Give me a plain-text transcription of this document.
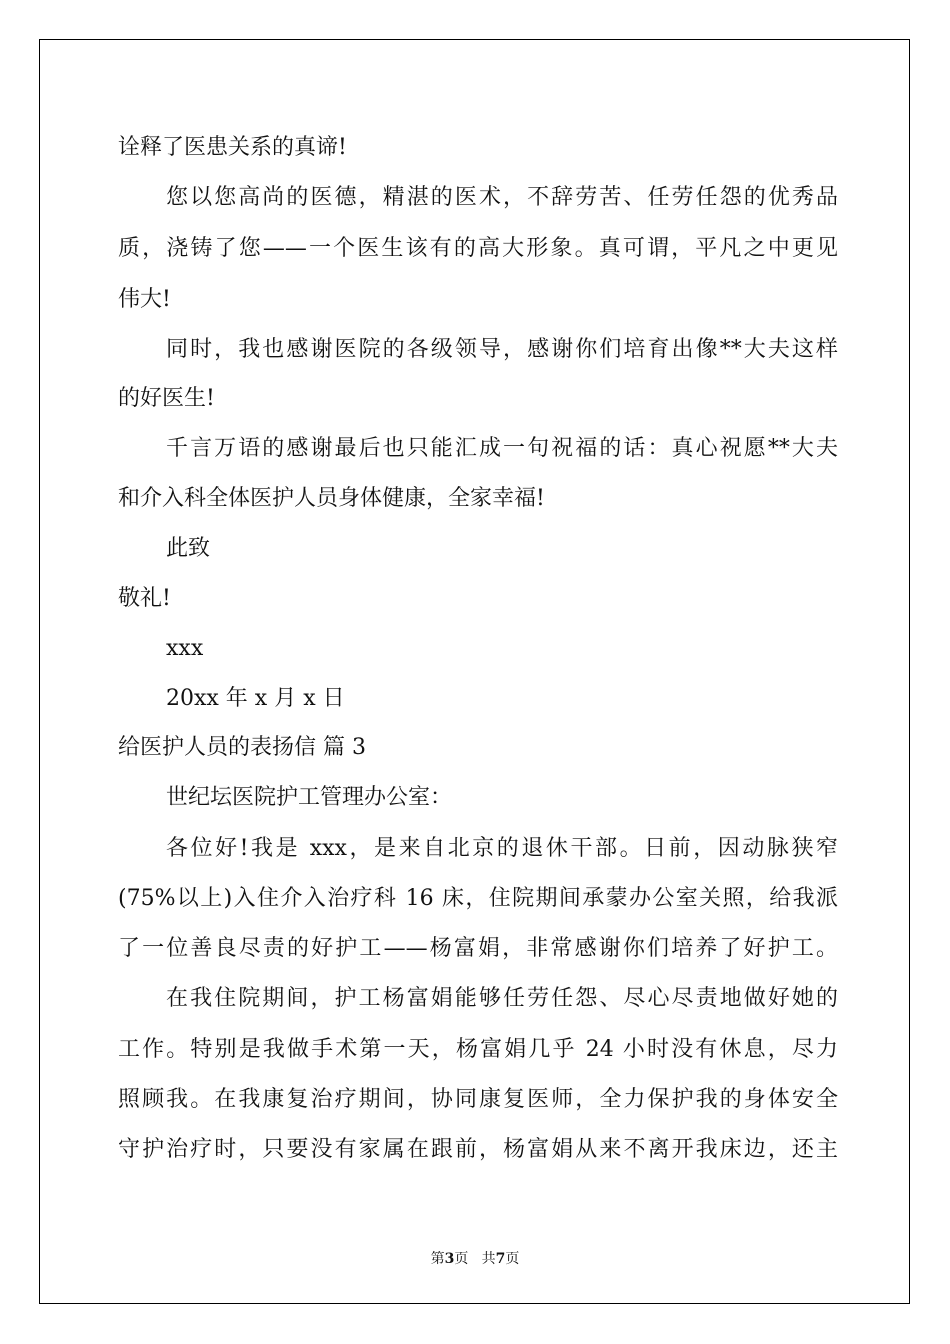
诠释了医患关系的真谛!
您以您高尚的医德，精湛的医术，不辞劳苦、任劳任怨的优秀品
质，浇铸了您——一个医生该有的高大形象。真可谓，平凡之中更见
伟大!
同时，我也感谢医院的各级领导，感谢你们培育出像**大夫这样
的好医生!
千言万语的感谢最后也只能汇成一句祝福的话：真心祝愿**大夫
和介入科全体医护人员身体健康，全家幸福!
此致
敬礼!
xxx
20xx 年 x 月 x 日
给医护人员的表扬信 篇 3
世纪坛医院护工管理办公室：
各位好!我是 xxx，是来自北京的退休干部。日前，因动脉狭窄
(75%以上)入住介入治疗科 16 床，住院期间承蒙办公室关照，给我派
了一位善良尽责的好护工——杨富娟，非常感谢你们培养了好护工。
在我住院期间，护工杨富娟能够任劳任怨、尽心尽责地做好她的
工作。特别是我做手术第一天，杨富娟几乎 24 小时没有休息，尽力
照顾我。在我康复治疗期间，协同康复医师，全力保护我的身体安全
守护治疗时，只要没有家属在跟前，杨富娟从来不离开我床边，还主
第3页   共7页
